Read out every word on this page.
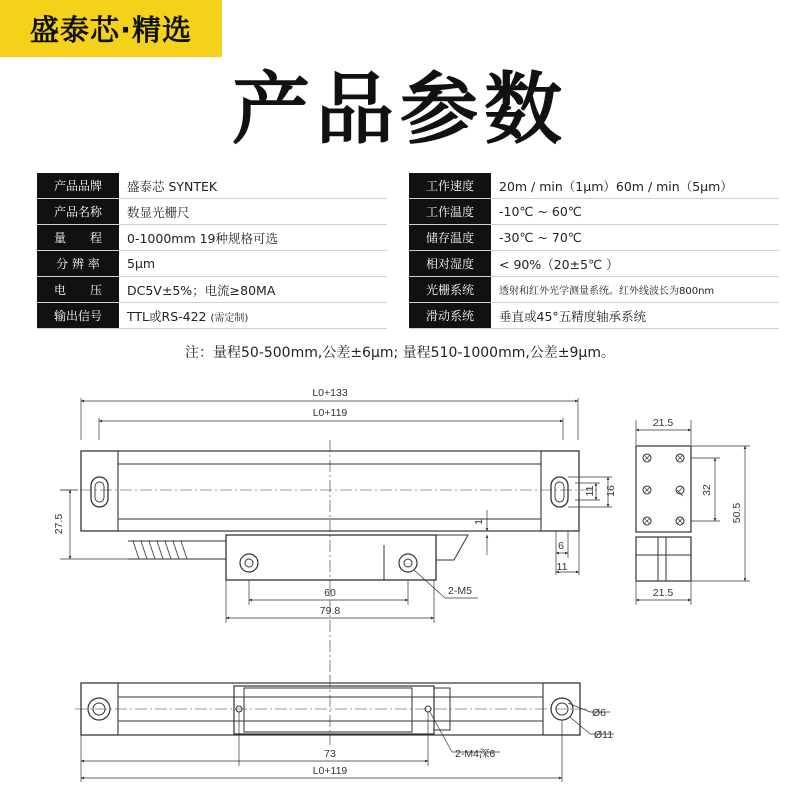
盛泰芯·精选
产品参数
产品品牌	盛泰芯 SYNTEK
产品名称	数显光栅尺
量　　程	0-1000mm 19种规格可选
分 辨 率	5μm
电　　压	DC5V±5%；电流≥80MA
输出信号	TTL或RS-422 (需定制)
工作速度	20m / min（1μm）60m / min（5μm）
工作温度	-10℃ ~ 60℃
储存温度	-30℃ ~ 70℃
相对湿度	< 90%（20±5℃ ）
光栅系统	透射和红外光学测量系统。红外线波长为800nm
滑动系统	垂直或45°五精度轴承系统
注：量程50-500mm,公差±6μm; 量程510-1000mm,公差±9μm。
L0+133
L0+119
27.5	1
11 16
6
11
60
79.8
2-M5
21.5
32
50.5
21.5
73
L0+119
2-M4深6
Ø6
Ø11
